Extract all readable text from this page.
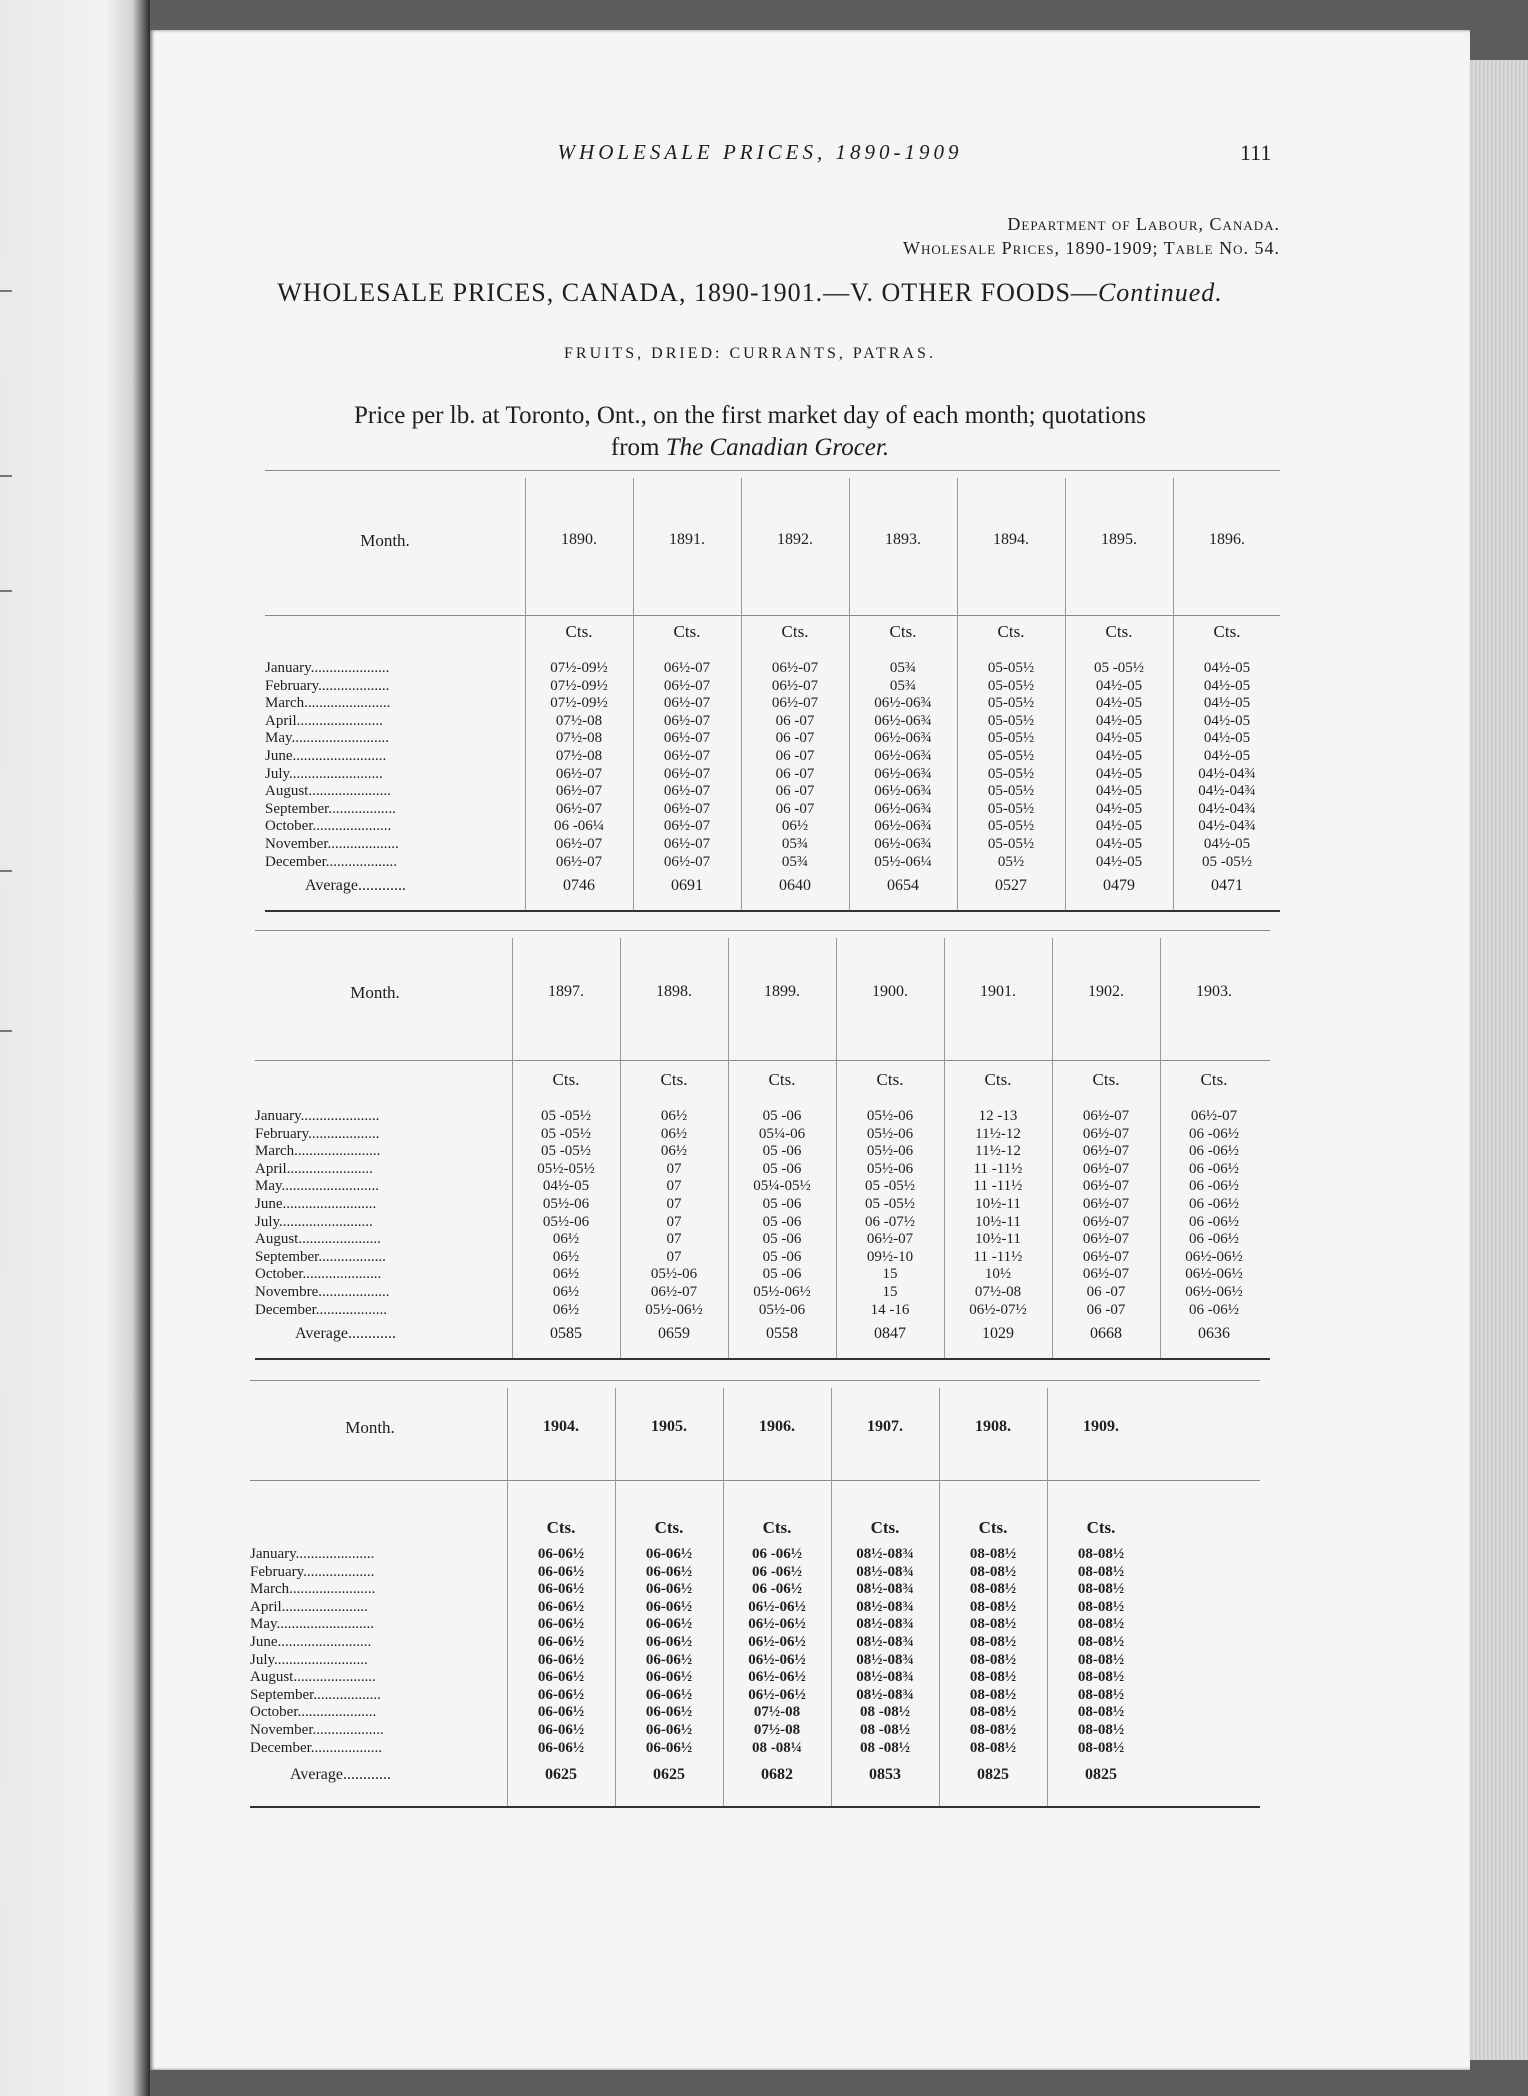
WHOLESALE PRICES, 1890-1909	111
Department of Labour, Canada.
Wholesale Prices, 1890-1909; Table No. 54.
WHOLESALE PRICES, CANADA, 1890-1901.—V. OTHER FOODS—Continued.
FRUITS, DRIED: CURRANTS, PATRAS.
Price per lb. at Toronto, Ont., on the first market day of each month; quotations
from The Canadian Grocer.
Month.
January.....................
February...................
March.......................
April.......................
May..........................
June.........................
July.........................
August......................
September..................
October.....................
November...................
December...................
Average............
1890.
Cts.
07½-09½
07½-09½
07½-09½
07½-08
07½-08
07½-08
06½-07
06½-07
06½-07
06 -06¼
06½-07
06½-07
0746
1891.
Cts.
06½-07
06½-07
06½-07
06½-07
06½-07
06½-07
06½-07
06½-07
06½-07
06½-07
06½-07
06½-07
0691
1892.
Cts.
06½-07
06½-07
06½-07
06 -07
06 -07
06 -07
06 -07
06 -07
06 -07
06½
05¾
05¾
0640
1893.
Cts.
05¾
05¾
06½-06¾
06½-06¾
06½-06¾
06½-06¾
06½-06¾
06½-06¾
06½-06¾
06½-06¾
06½-06¾
05½-06¼
0654
1894.
Cts.
05-05½
05-05½
05-05½
05-05½
05-05½
05-05½
05-05½
05-05½
05-05½
05-05½
05-05½
05½
0527
1895.
Cts.
05 -05½
04½-05
04½-05
04½-05
04½-05
04½-05
04½-05
04½-05
04½-05
04½-05
04½-05
04½-05
0479
1896.
Cts.
04½-05
04½-05
04½-05
04½-05
04½-05
04½-05
04½-04¾
04½-04¾
04½-04¾
04½-04¾
04½-05
05 -05½
0471
Month.
January.....................
February...................
March.......................
April.......................
May..........................
June.........................
July.........................
August......................
September..................
October.....................
Novembre...................
December...................
Average............
1897.
Cts.
05 -05½
05 -05½
05 -05½
05½-05½
04½-05
05½-06
05½-06
06½
06½
06½
06½
06½
0585
1898.
Cts.
06½
06½
06½
07
07
07
07
07
07
05½-06
06½-07
05½-06½
0659
1899.
Cts.
05 -06
05¼-06
05 -06
05 -06
05¼-05½
05 -06
05 -06
05 -06
05 -06
05 -06
05½-06½
05½-06
0558
1900.
Cts.
05½-06
05½-06
05½-06
05½-06
05 -05½
05 -05½
06 -07½
06½-07
09½-10
15
15
14 -16
0847
1901.
Cts.
12 -13
11½-12
11½-12
11 -11½
11 -11½
10½-11
10½-11
10½-11
11 -11½
10½
07½-08
06½-07½
1029
1902.
Cts.
06½-07
06½-07
06½-07
06½-07
06½-07
06½-07
06½-07
06½-07
06½-07
06½-07
06 -07
06 -07
0668
1903.
Cts.
06½-07
06 -06½
06 -06½
06 -06½
06 -06½
06 -06½
06 -06½
06 -06½
06½-06½
06½-06½
06½-06½
06 -06½
0636
Month.
January.....................
February...................
March.......................
April.......................
May..........................
June.........................
July.........................
August......................
September..................
October.....................
November...................
December...................
Average............
1904.
Cts.
06-06½
06-06½
06-06½
06-06½
06-06½
06-06½
06-06½
06-06½
06-06½
06-06½
06-06½
06-06½
0625
1905.
Cts.
06-06½
06-06½
06-06½
06-06½
06-06½
06-06½
06-06½
06-06½
06-06½
06-06½
06-06½
06-06½
0625
1906.
Cts.
06 -06½
06 -06½
06 -06½
06½-06½
06½-06½
06½-06½
06½-06½
06½-06½
06½-06½
07½-08
07½-08
08 -08¼
0682
1907.
Cts.
08½-08¾
08½-08¾
08½-08¾
08½-08¾
08½-08¾
08½-08¾
08½-08¾
08½-08¾
08½-08¾
08 -08½
08 -08½
08 -08½
0853
1908.
Cts.
08-08½
08-08½
08-08½
08-08½
08-08½
08-08½
08-08½
08-08½
08-08½
08-08½
08-08½
08-08½
0825
1909.
Cts.
08-08½
08-08½
08-08½
08-08½
08-08½
08-08½
08-08½
08-08½
08-08½
08-08½
08-08½
08-08½
0825
